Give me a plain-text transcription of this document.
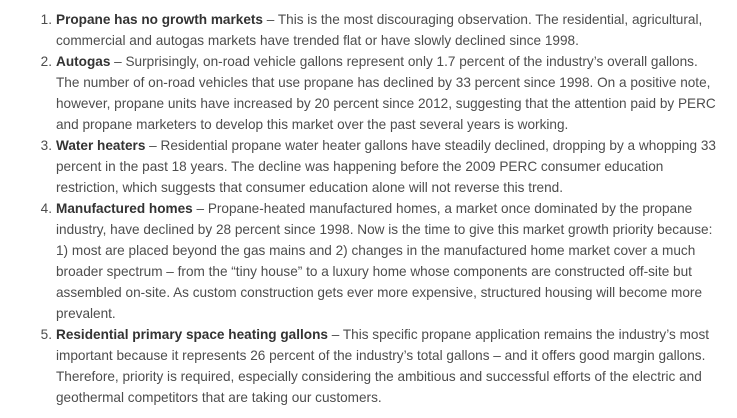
1. Propane has no growth markets – This is the most discouraging observation. The residential, agricultural, commercial and autogas markets have trended flat or have slowly declined since 1998.
2. Autogas – Surprisingly, on-road vehicle gallons represent only 1.7 percent of the industry’s overall gallons. The number of on-road vehicles that use propane has declined by 33 percent since 1998. On a positive note, however, propane units have increased by 20 percent since 2012, suggesting that the attention paid by PERC and propane marketers to develop this market over the past several years is working.
3. Water heaters – Residential propane water heater gallons have steadily declined, dropping by a whopping 33 percent in the past 18 years. The decline was happening before the 2009 PERC consumer education restriction, which suggests that consumer education alone will not reverse this trend.
4. Manufactured homes – Propane-heated manufactured homes, a market once dominated by the propane industry, have declined by 28 percent since 1998. Now is the time to give this market growth priority because: 1) most are placed beyond the gas mains and 2) changes in the manufactured home market cover a much broader spectrum – from the “tiny house” to a luxury home whose components are constructed off-site but assembled on-site. As custom construction gets ever more expensive, structured housing will become more prevalent.
5. Residential primary space heating gallons – This specific propane application remains the industry’s most important because it represents 26 percent of the industry’s total gallons – and it offers good margin gallons. Therefore, priority is required, especially considering the ambitious and successful efforts of the electric and geothermal competitors that are taking our customers.
